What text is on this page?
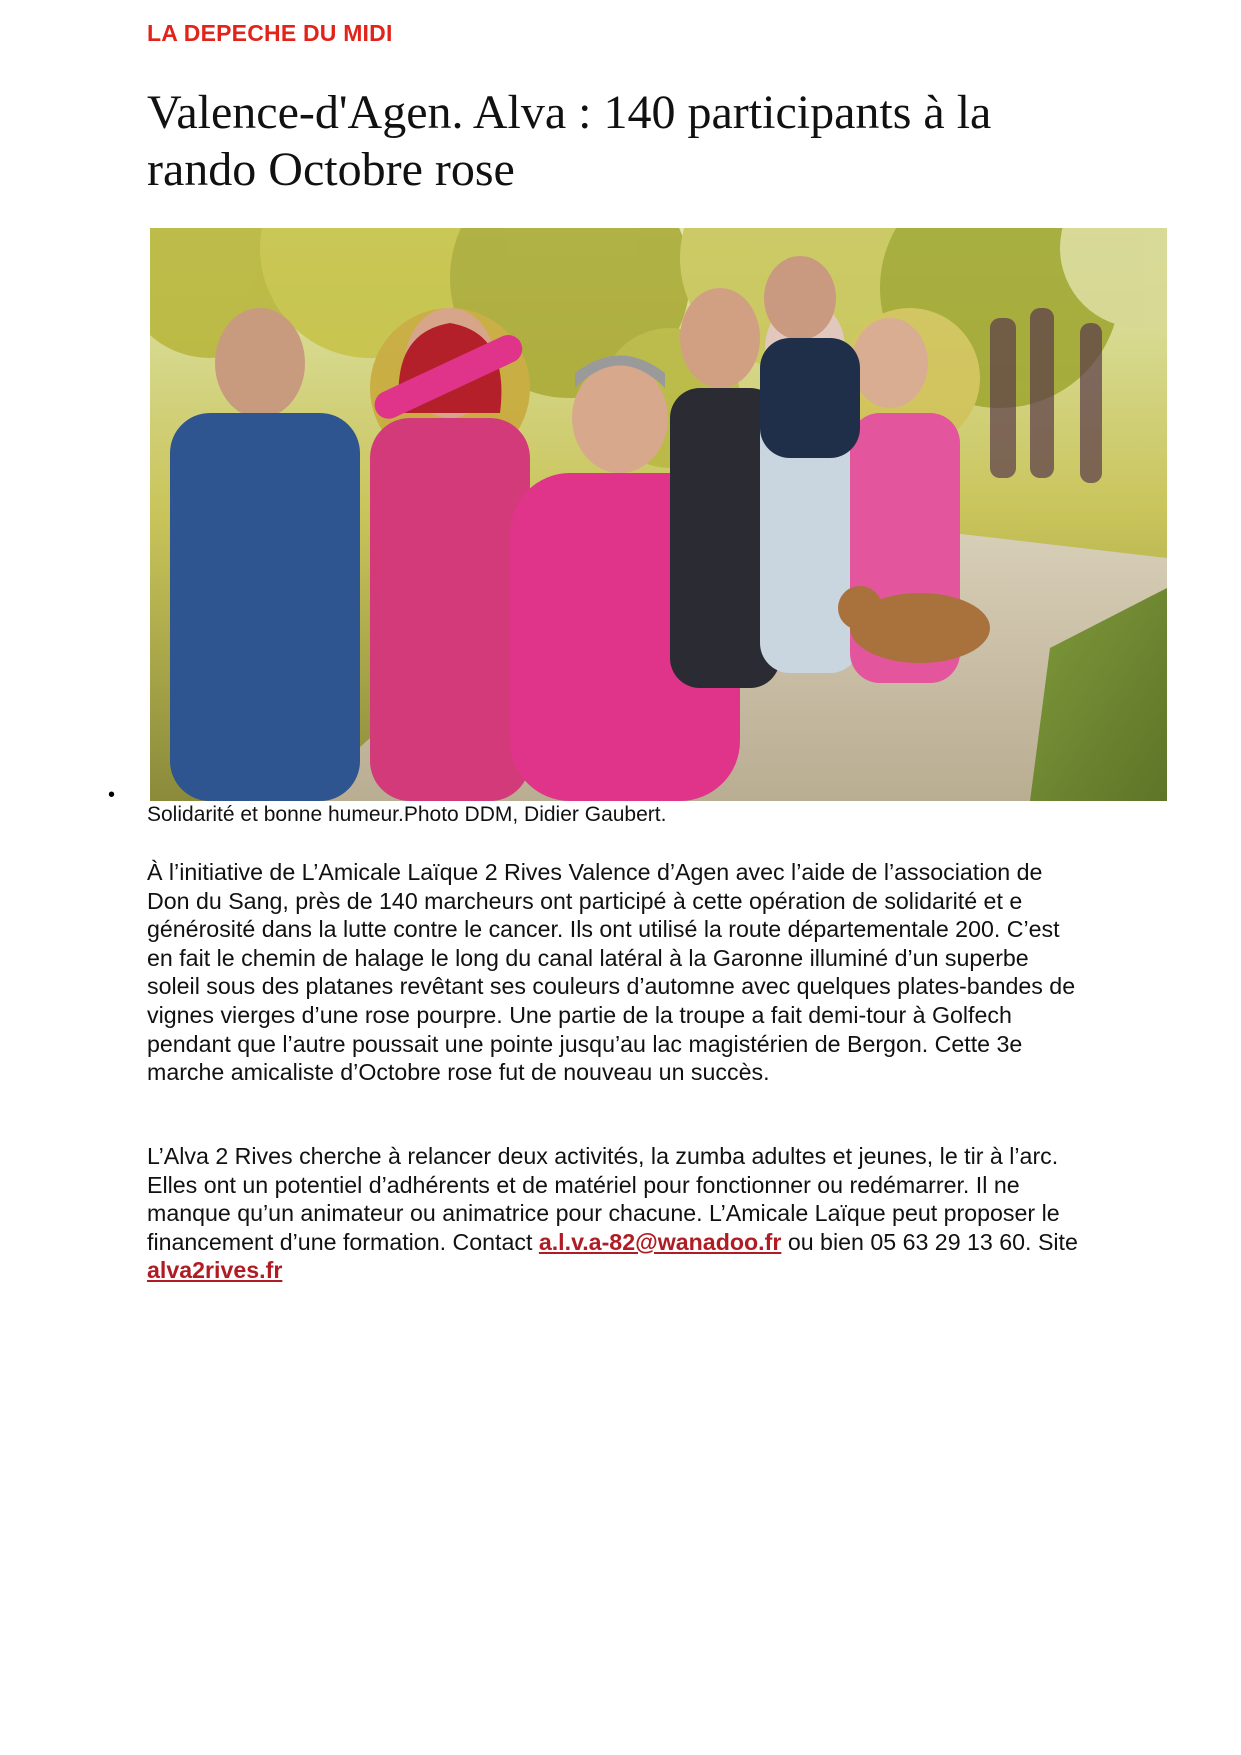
LA DEPECHE DU MIDI

Valence-d'Agen. Alva : 140 participants à la rando Octobre rose
•

Solidarité et bonne humeur.Photo DDM, Didier Gaubert.

À l’initiative de L’Amicale Laïque 2 Rives Valence d’Agen avec l’aide de l’association de Don du Sang, près de 140 marcheurs ont participé à cette opération de solidarité et e générosité dans la lutte contre le cancer. Ils ont utilisé la route départementale 200. C’est en fait le chemin de halage le long du canal latéral à la Garonne illuminé d’un superbe soleil sous des platanes revêtant ses couleurs d’automne avec quelques plates-bandes de vignes vierges d’une rose pourpre. Une partie de la troupe a fait demi-tour à Golfech pendant que l’autre poussait une pointe jusqu’au lac magistérien de Bergon. Cette 3e marche amicaliste d’Octobre rose fut de nouveau un succès.

L’Alva 2 Rives cherche à relancer deux activités, la zumba adultes et jeunes, le tir à l’arc. Elles ont un potentiel d’adhérents et de matériel pour fonctionner ou redémarrer. Il ne manque qu’un animateur ou animatrice pour chacune. L’Amicale Laïque peut proposer le financement d’une formation. Contact a.l.v.a-82@wanadoo.fr ou bien 05 63 29 13 60. Site alva2rives.fr
